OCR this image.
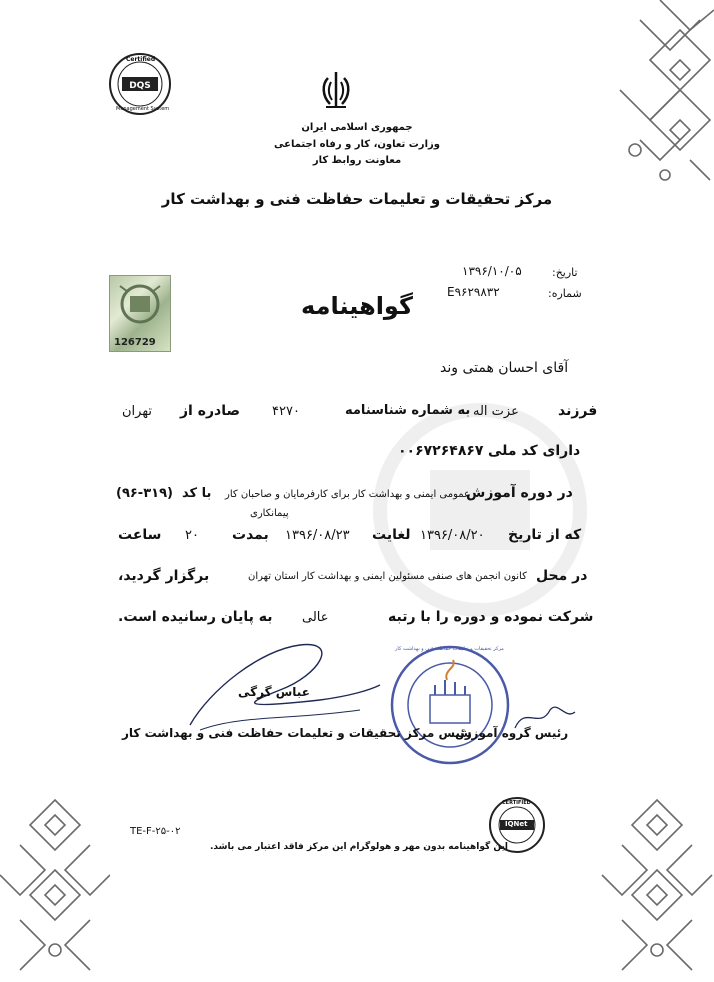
DQS
Certified
Management System
جمهوری اسلامی ایران
وزارت تعاون، کار و رفاه اجتماعی
معاونت روابط کار
مرکز تحقیقات و تعلیمات حفاظت فنی و بهداشت کار
تاریخ:
۱۳۹۶/۱۰/۰۵
شماره:
E۹۶۲۹۸۳۲
126729
گواهینامه
آقای احسان همتی وند
فرزند
عزت اله
به شماره شناسنامه
۴۲۷۰
صادره از
تهران
دارای کد ملی
۰۰۶۷۲۶۴۸۶۷
در دوره آموزش
عمومی ایمنی و بهداشت کار برای کارفرمایان و صاحبان کار
با کد
(۹۶-۳۱۹)
پیمانکاری
که از تاریخ
۱۳۹۶/۰۸/۲۰
لغایت
۱۳۹۶/۰۸/۲۳
بمدت
۲۰
ساعت
در محل
کانون انجمن های صنفی مسئولین ایمنی و بهداشت کار استان تهران
برگزار گردید،
شرکت نموده و دوره را با رتبه
عالی
به پایان رسانیده است.
عباس گرگی
مرکز تحقیقات و تعلیمات حفاظت فنی و بهداشت کار
رئیس گروه آموزش
رئیس مرکز تحقیقات و تعلیمات حفاظت فنی و بهداشت کار
TE-F-۲۵-۰۲
این گواهینامه بدون مهر و هولوگرام این مرکز فاقد اعتبار می باشد.
IQNet
CERTIFIED
